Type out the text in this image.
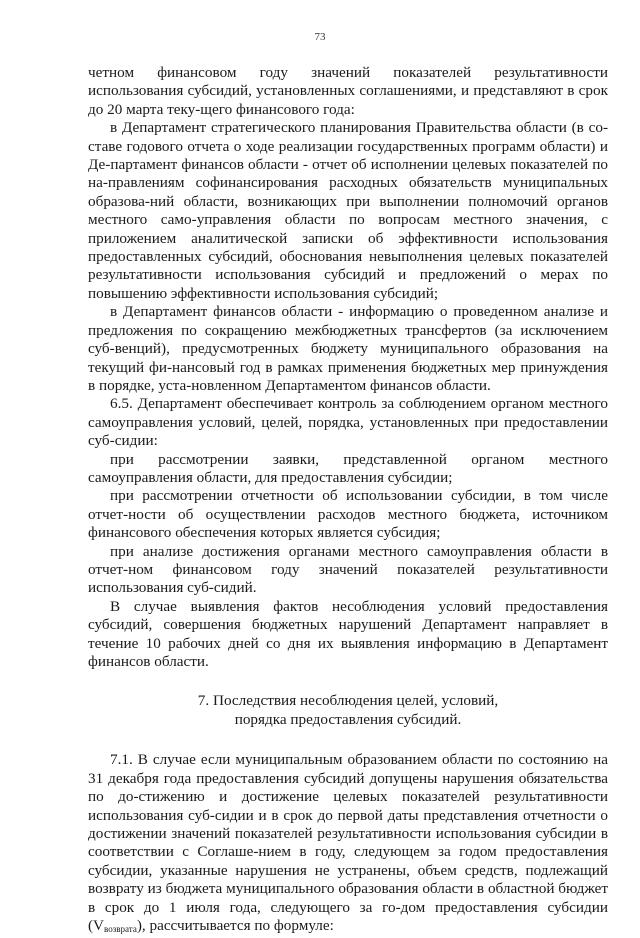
73

четном финансовом году значений показателей результативности использования субсидий, установленных соглашениями, и представляют в срок до 20 марта теку-щего финансового года:

в Департамент стратегического планирования Правительства области (в со-ставе годового отчета о ходе реализации государственных программ области) и Де-партамент финансов области - отчет об исполнении целевых показателей по на-правлениям софинансирования расходных обязательств муниципальных образова-ний области, возникающих при выполнении полномочий органов местного само-управления области по вопросам местного значения, с приложением аналитической записки об эффективности использования предоставленных субсидий, обоснования невыполнения целевых показателей результативности использования субсидий и предложений о мерах по повышению эффективности использования субсидий;

в Департамент финансов области - информацию о проведенном анализе и предложения по сокращению межбюджетных трансфертов (за исключением суб-венций), предусмотренных бюджету муниципального образования на текущий фи-нансовый год в рамках применения бюджетных мер принуждения в порядке, уста-новленном Департаментом финансов области.

6.5. Департамент обеспечивает контроль за соблюдением органом местного самоуправления условий, целей, порядка, установленных при предоставлении суб-сидии:

при рассмотрении заявки, представленной органом местного самоуправления области, для предоставления субсидии;

при рассмотрении отчетности об использовании субсидии, в том числе отчет-ности об осуществлении расходов местного бюджета, источником финансового обеспечения которых является субсидия;

при анализе достижения органами местного самоуправления области в отчет-ном финансовом году значений показателей результативности использования суб-сидий.

В случае выявления фактов несоблюдения условий предоставления субсидий, совершения бюджетных нарушений Департамент направляет в течение 10 рабочих дней со дня их выявления информацию в Департамент финансов области.

7. Последствия несоблюдения целей, условий,
порядка предоставления субсидий.

7.1. В случае если муниципальным образованием области по состоянию на 31 декабря года предоставления субсидий допущены нарушения обязательства по до-стижению и достижение целевых показателей результативности использования суб-сидии и в срок до первой даты представления отчетности о достижении значений показателей результативности использования субсидии в соответствии с Соглаше-нием в году, следующем за годом предоставления субсидии, указанные нарушения не устранены, объем средств, подлежащий возврату из бюджета муниципального образования области в областной бюджет в срок до 1 июля года, следующего за го-дом предоставления субсидии $(V_{возврата})$, рассчитывается по формуле:
